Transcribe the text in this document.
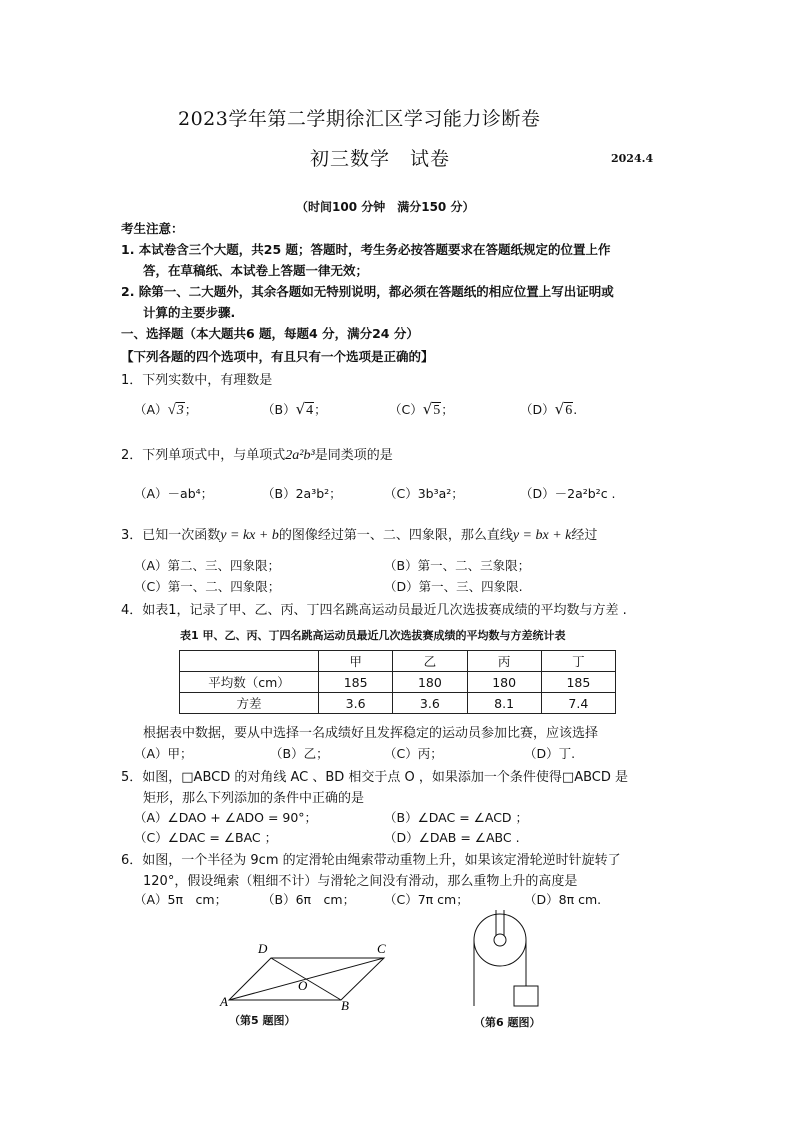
2023学年第二学期徐汇区学习能力诊断卷
初三数学　试卷	2024.4
（时间100 分钟　满分150 分）
考生注意：
1. 本试卷含三个大题，共25 题；答题时，考生务必按答题要求在答题纸规定的位置上作
答，在草稿纸、本试卷上答题一律无效；
2. 除第一、二大题外，其余各题如无特别说明，都必须在答题纸的相应位置上写出证明或
计算的主要步骤.
一、选择题（本大题共6 题，每题4 分，满分24 分）
【下列各题的四个选项中，有且只有一个选项是正确的】
1．下列实数中，有理数是
（A）√3；	（B）√4；	（C）√5；	（D）√6.
2．下列单项式中，与单项式2a²b³是同类项的是
（A）－ab⁴；	（B）2a³b²；	（C）3b³a²；	（D）－2a²b²c .
3．已知一次函数y = kx + b的图像经过第一、二、四象限，那么直线y = bx + k经过
（A）第二、三、四象限；	（B）第一、二、三象限；
（C）第一、二、四象限；	（D）第一、三、四象限.
4．如表1，记录了甲、乙、丙、丁四名跳高运动员最近几次选拔赛成绩的平均数与方差 .
表1 甲、乙、丙、丁四名跳高运动员最近几次选拔赛成绩的平均数与方差统计表
	甲	乙	丙	丁
平均数（cm）	185	180	180	185
方差	3.6	3.6	8.1	7.4
根据表中数据，要从中选择一名成绩好且发挥稳定的运动员参加比赛，应该选择
（A）甲；	（B）乙；	（C）丙；	（D）丁.
5．如图，□ABCD 的对角线 AC 、BD 相交于点 O ，如果添加一个条件使得□ABCD 是
矩形，那么下列添加的条件中正确的是
（A）∠DAO + ∠ADO = 90°；	（B）∠DAC = ∠ACD ；
（C）∠DAC = ∠BAC ；	（D）∠DAB = ∠ABC .
6．如图，一个半径为 9cm 的定滑轮由绳索带动重物上升，如果该定滑轮逆时针旋转了
120°，假设绳索（粗细不计）与滑轮之间没有滑动，那么重物上升的高度是
（A）5π　cm；	（B）6π　cm； （C）7π cm；	（D）8π cm.
D	C
A	B
O
（第5 题图）	（第6 题图）
